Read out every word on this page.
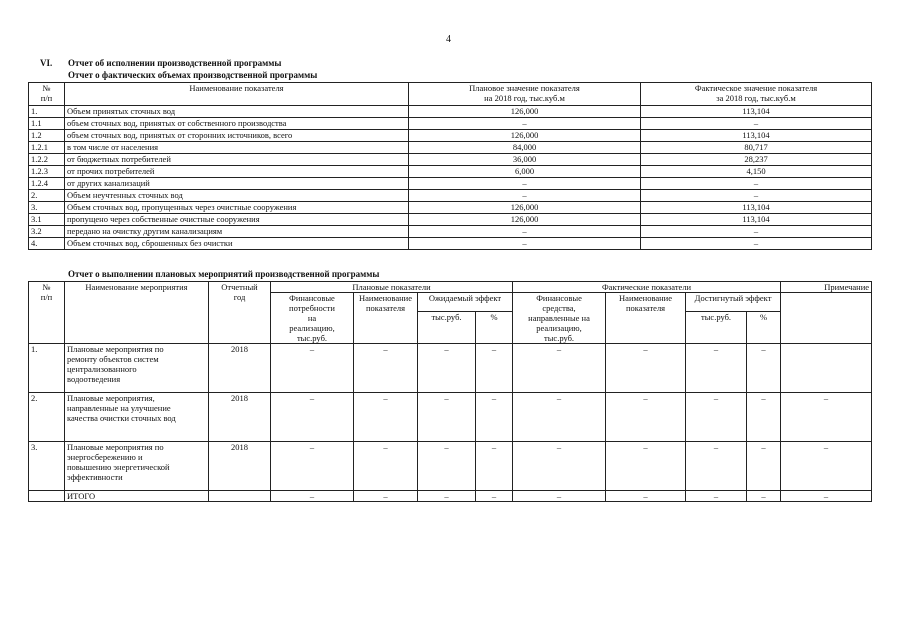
4
VI. Отчет об исполнении производственной программы
Отчет о фактических объемах производственной программы
№
п/п	Наименование показателя	Плановое значение показателя
на 2018 год, тыс.куб.м	Фактическое значение показателя
за 2018 год, тыс.куб.м
1.	Объем принятых сточных вод	126,000	113,104
1.1	объем сточных вод, принятых от собственного производства	–	–
1.2	объем сточных вод, принятых от сторонних источников, всего	126,000	113,104
1.2.1	в том числе от населения	84,000	80,717
1.2.2	от бюджетных потребителей	36,000	28,237
1.2.3	от прочих потребителей	6,000	4,150
1.2.4	от других канализаций	–	–
2.	Объем неучтенных сточных вод	–	–
3.	Объем сточных вод, пропущенных через очистные сооружения	126,000	113,104
3.1	пропущено через собственные очистные сооружения	126,000	113,104
3.2	передано на очистку другим канализациям	–	–
4.	Объем сточных вод, сброшенных без очистки	–	–
Отчет о выполнении плановых мероприятий производственной программы
№
п/п	Наименование мероприятия	Отчетный
год	Плановые показатели				Фактические показатели				Примечание
			Финансовые
потребности
на
реализацию,
тыс.руб.	Наименование
показателя	Ожидаемый эффект		Финансовые
средства,
направленные на
реализацию,
тыс.руб.	Наименование
показателя	Достигнутый эффект		
					тыс.руб.	%			тыс.руб.	%	
1.	Плановые мероприятия по
ремонту объектов систем
централизованного
водоотведения	2018	–	–	–	–	–	–	–	–	
2.	Плановые мероприятия,
направленные на улучшение
качества очистки сточных вод	2018	–	–	–	–	–	–	–	–	–
3.	Плановые мероприятия по
энергосбережению и
повышению энергетической
эффективности	2018	–	–	–	–	–	–	–	–	–
	ИТОГО		–	–	–	–	–	–	–	–	–
